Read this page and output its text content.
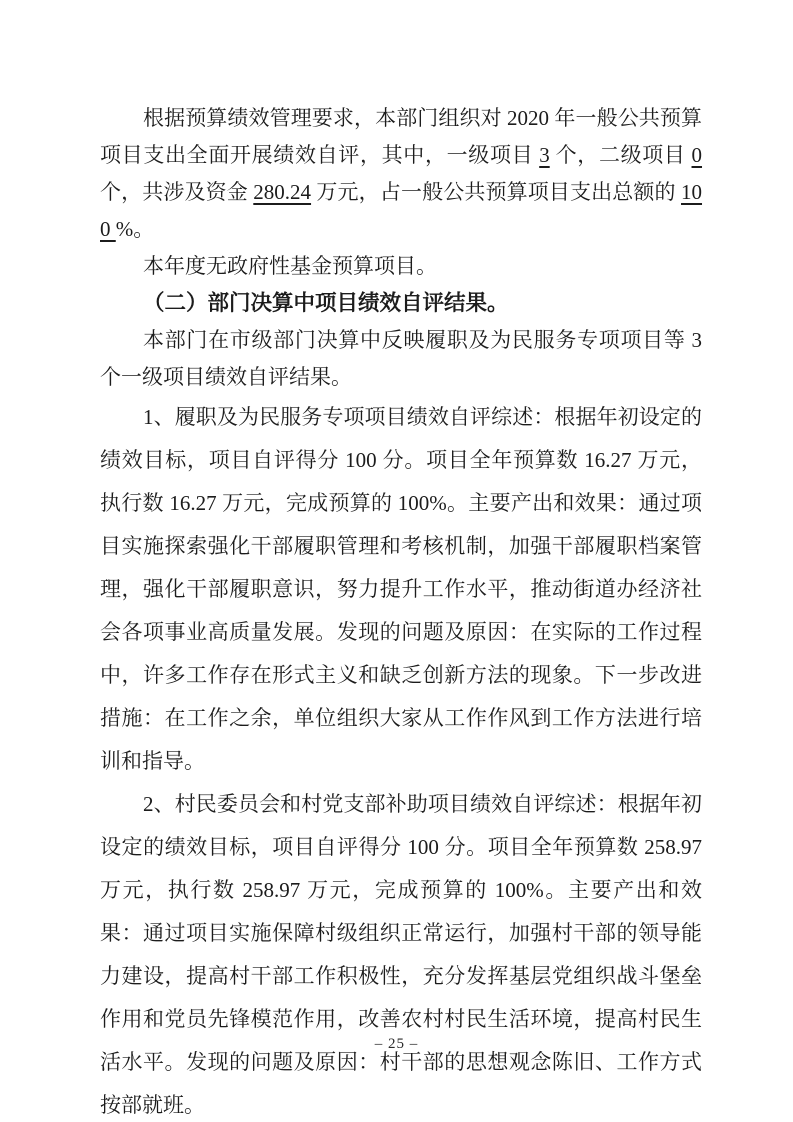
根据预算绩效管理要求，本部门组织对 2020 年一般公共预算项目支出全面开展绩效自评，其中，一级项目 3 个，二级项目 0 个，共涉及资金 280.24 万元，占一般公共预算项目支出总额的 100 %。

本年度无政府性基金预算项目。

（二）部门决算中项目绩效自评结果。

本部门在市级部门决算中反映履职及为民服务专项项目等 3 个一级项目绩效自评结果。

1、履职及为民服务专项项目绩效自评综述：根据年初设定的绩效目标，项目自评得分 100 分。项目全年预算数 16.27 万元，执行数 16.27 万元，完成预算的 100%。主要产出和效果：通过项目实施探索强化干部履职管理和考核机制，加强干部履职档案管理，强化干部履职意识，努力提升工作水平，推动街道办经济社会各项事业高质量发展。发现的问题及原因：在实际的工作过程中，许多工作存在形式主义和缺乏创新方法的现象。下一步改进措施：在工作之余，单位组织大家从工作作风到工作方法进行培训和指导。

2、村民委员会和村党支部补助项目绩效自评综述：根据年初设定的绩效目标，项目自评得分 100 分。项目全年预算数 258.97 万元，执行数 258.97 万元，完成预算的 100%。主要产出和效果：通过项目实施保障村级组织正常运行，加强村干部的领导能力建设，提高村干部工作积极性，充分发挥基层党组织战斗堡垒作用和党员先锋模范作用，改善农村村民生活环境，提高村民生活水平。发现的问题及原因：村干部的思想观念陈旧、工作方式按部就班。

– 25 –
